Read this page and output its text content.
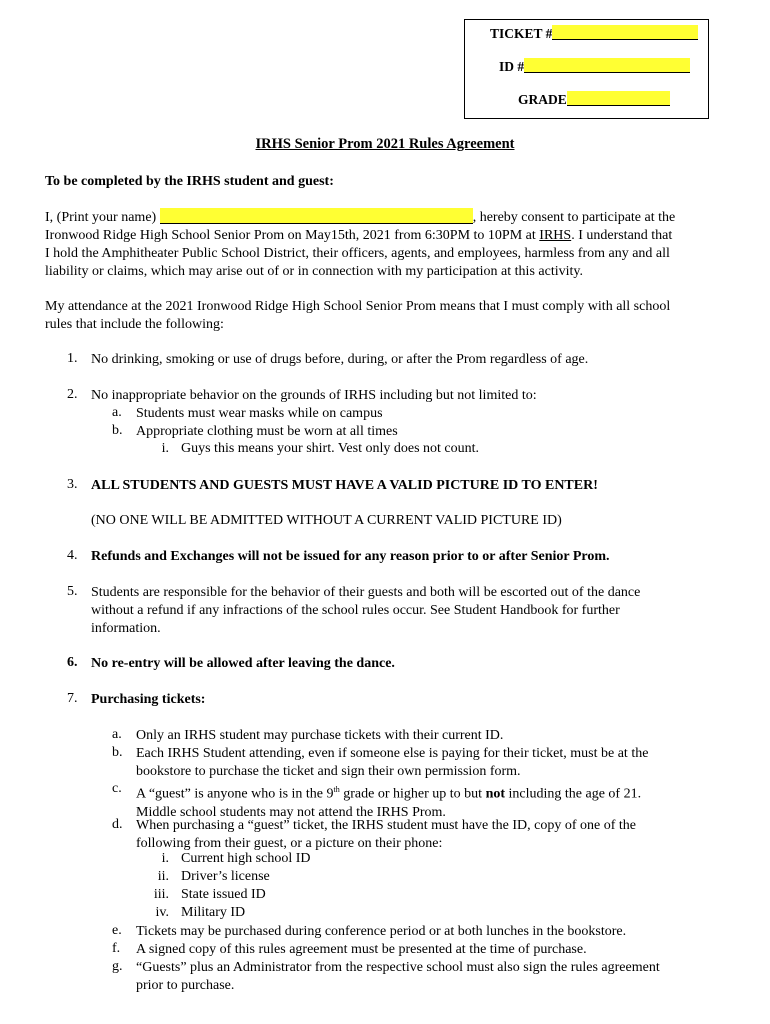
TICKET #
ID #
GRADE
IRHS Senior Prom 2021 Rules Agreement
To be completed by the IRHS student and guest:
I, (Print your name)	, hereby consent to participate at the
Ironwood Ridge High School Senior Prom on May15th, 2021 from 6:30PM to 10PM at IRHS. I understand that
I hold the Amphitheater Public School District, their officers, agents, and employees, harmless from any and all
liability or claims, which may arise out of or in connection with my participation at this activity.
My attendance at the 2021 Ironwood Ridge High School Senior Prom means that I must comply with all school
rules that include the following:
1. No drinking, smoking or use of drugs before, during, or after the Prom regardless of age.
2. No inappropriate behavior on the grounds of IRHS including but not limited to:
a. Students must wear masks while on campus
b. Appropriate clothing must be worn at all times
i. Guys this means your shirt. Vest only does not count.
3. ALL STUDENTS AND GUESTS MUST HAVE A VALID PICTURE ID TO ENTER!
(NO ONE WILL BE ADMITTED WITHOUT A CURRENT VALID PICTURE ID)
4. Refunds and Exchanges will not be issued for any reason prior to or after Senior Prom.
5. Students are responsible for the behavior of their guests and both will be escorted out of the dance
without a refund if any infractions of the school rules occur. See Student Handbook for further
information.
6. No re-entry will be allowed after leaving the dance.
7. Purchasing tickets:
a. Only an IRHS student may purchase tickets with their current ID.
b. Each IRHS Student attending, even if someone else is paying for their ticket, must be at the
bookstore to purchase the ticket and sign their own permission form.
c. A “guest” is anyone who is in the 9th grade or higher up to but not including the age of 21.
Middle school students may not attend the IRHS Prom.
d. When purchasing a “guest” ticket, the IRHS student must have the ID, copy of one of the
following from their guest, or a picture on their phone:
i. Current high school ID
ii. Driver’s license
iii. State issued ID
iv. Military ID
e. Tickets may be purchased during conference period or at both lunches in the bookstore.
f. A signed copy of this rules agreement must be presented at the time of purchase.
g. “Guests” plus an Administrator from the respective school must also sign the rules agreement
prior to purchase.
